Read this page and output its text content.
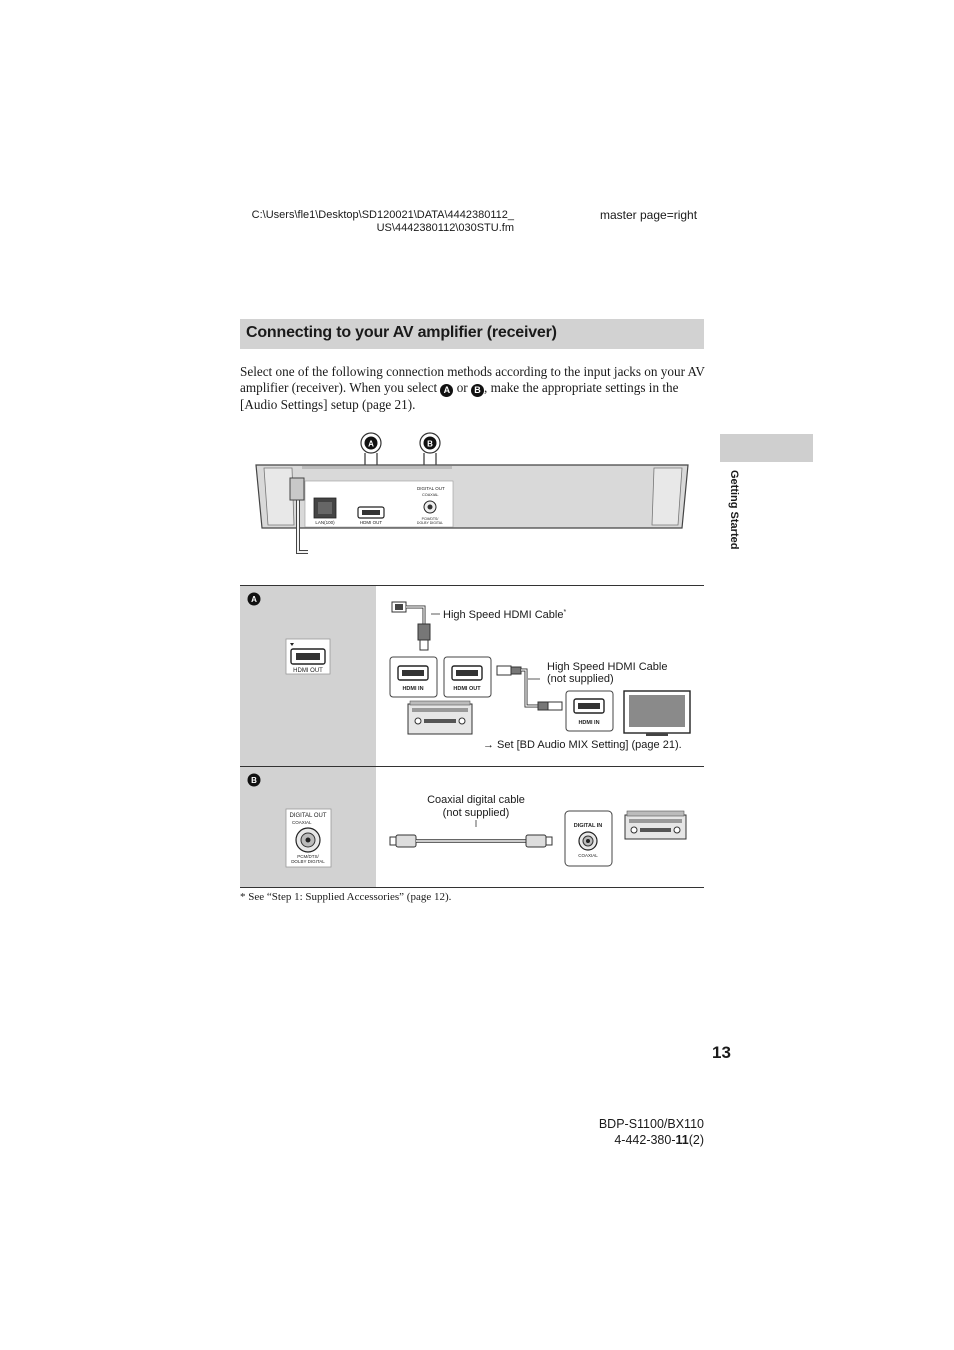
C:\Users\fle1\Desktop\SD120021\DATA\4442380112_
US\4442380112\030STU.fm
master page=right
Connecting to your AV amplifier (receiver)
Select one of the following connection methods according to the input jacks on your AV amplifier (receiver). When you select A or B , make the appropriate settings in the [Audio Settings] setup (page 21).
Getting Started
A	B
LAN(100)	HDMI OUT
DIGITAL OUT
COAXIAL
PCM/DTS/
DOLBY DIGITAL
A
HDMI OUT
High Speed HDMI Cable*
HDMI IN	HDMI OUT
High Speed HDMI Cable
(not supplied)
HDMI IN
→ Set [BD Audio MIX Setting] (page 21).
B
DIGITAL OUT
COAXIAL
PCM/DTS/
DOLBY DIGITAL
Coaxial digital cable
(not supplied)
DIGITAL IN
COAXIAL
* See “Step 1: Supplied Accessories” (page 12).
13
BDP-S1100/BX110
4-442-380-11(2)
